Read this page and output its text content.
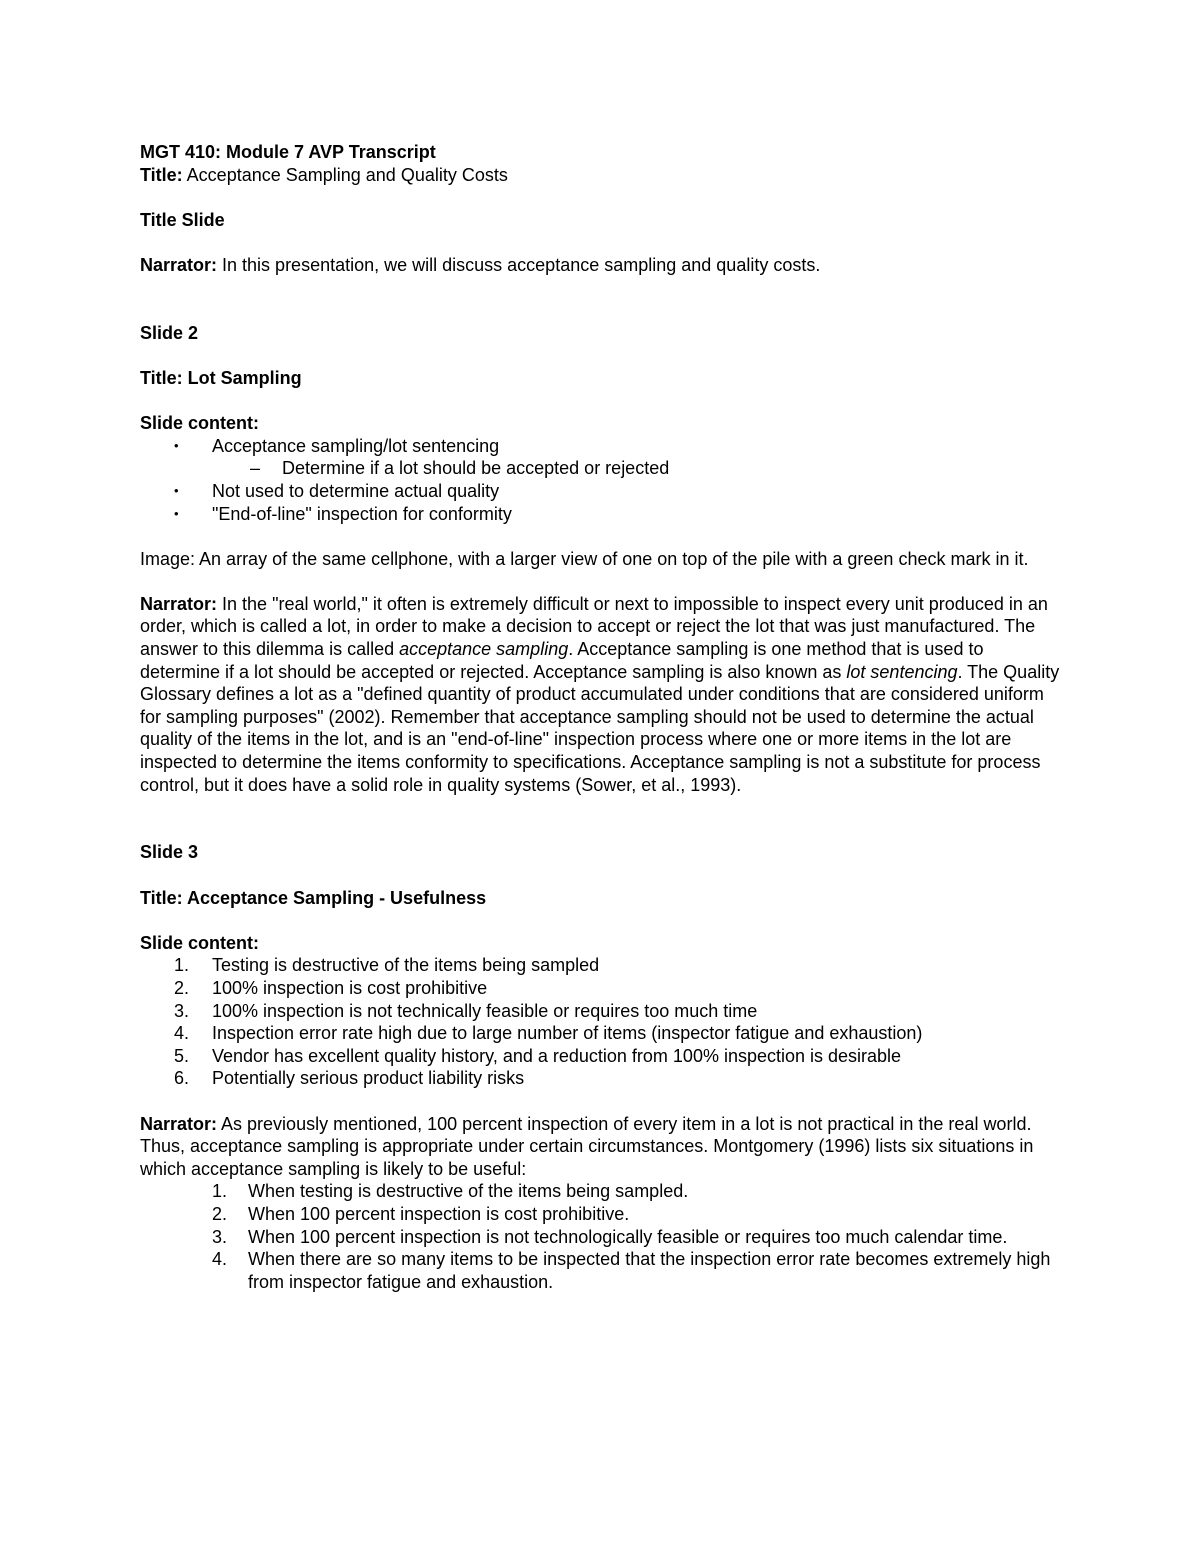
MGT 410: Module 7 AVP Transcript

Title: Acceptance Sampling and Quality Costs

Title Slide

Narrator: In this presentation, we will discuss acceptance sampling and quality costs.

Slide 2

Title: Lot Sampling

Slide content:

• Acceptance sampling/lot sentencing
– Determine if a lot should be accepted or rejected
• Not used to determine actual quality
• "End-of-line" inspection for conformity

Image: An array of the same cellphone, with a larger view of one on top of the pile with a green check mark in it.

Narrator: In the "real world," it often is extremely difficult or next to impossible to inspect every unit produced in an order, which is called a lot, in order to make a decision to accept or reject the lot that was just manufactured. The answer to this dilemma is called acceptance sampling. Acceptance sampling is one method that is used to determine if a lot should be accepted or rejected. Acceptance sampling is also known as lot sentencing. The Quality Glossary defines a lot as a "defined quantity of product accumulated under conditions that are considered uniform for sampling purposes" (2002). Remember that acceptance sampling should not be used to determine the actual quality of the items in the lot, and is an "end-of-line" inspection process where one or more items in the lot are inspected to determine the items conformity to specifications. Acceptance sampling is not a substitute for process control, but it does have a solid role in quality systems (Sower, et al., 1993).

Slide 3

Title: Acceptance Sampling - Usefulness

Slide content:

1. Testing is destructive of the items being sampled
2. 100% inspection is cost prohibitive
3. 100% inspection is not technically feasible or requires too much time
4. Inspection error rate high due to large number of items (inspector fatigue and exhaustion)
5. Vendor has excellent quality history, and a reduction from 100% inspection is desirable
6. Potentially serious product liability risks

Narrator: As previously mentioned, 100 percent inspection of every item in a lot is not practical in the real world. Thus, acceptance sampling is appropriate under certain circumstances. Montgomery (1996) lists six situations in which acceptance sampling is likely to be useful:

1. When testing is destructive of the items being sampled.
2. When 100 percent inspection is cost prohibitive.
3. When 100 percent inspection is not technologically feasible or requires too much calendar time.
4. When there are so many items to be inspected that the inspection error rate becomes extremely high from inspector fatigue and exhaustion.
